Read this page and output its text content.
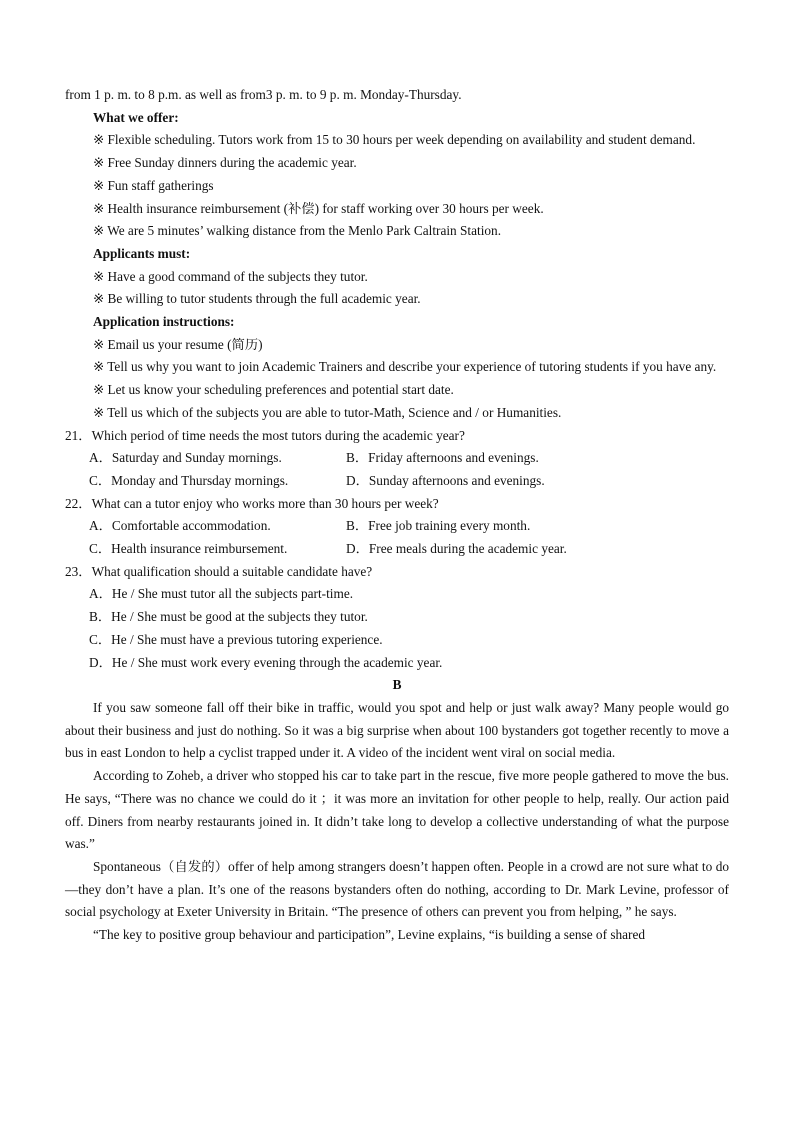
from 1 p. m. to 8 p.m. as well as from3 p. m. to 9 p. m. Monday-Thursday.
What we offer:
※ Flexible scheduling. Tutors work from 15 to 30 hours per week depending on availability and student demand.
※ Free Sunday dinners during the academic year.
※ Fun staff gatherings
※ Health insurance reimbursement (补偿) for staff working over 30 hours per week.
※ We are 5 minutes’ walking distance from the Menlo Park Caltrain Station.
Applicants must:
※ Have a good command of the subjects they tutor.
※ Be willing to tutor students through the full academic year.
Application instructions:
※ Email us your resume (简历)
※ Tell us why you want to join Academic Trainers and describe your experience of tutoring students if you have any.
※ Let us know your scheduling preferences and potential start date.
※ Tell us which of the subjects you are able to tutor-Math, Science and / or Humanities.
21．Which period of time needs the most tutors during the academic year?
A．Saturday and Sunday mornings.	B．Friday afternoons and evenings.
C．Monday and Thursday mornings.	D．Sunday afternoons and evenings.
22．What can a tutor enjoy who works more than 30 hours per week?
A．Comfortable accommodation.	B．Free job training every month.
C．Health insurance reimbursement.	D．Free meals during the academic year.
23．What qualification should a suitable candidate have?
A．He / She must tutor all the subjects part-time.
B．He / She must be good at the subjects they tutor.
C．He / She must have a previous tutoring experience.
D．He / She must work every evening through the academic year.
B
If you saw someone fall off their bike in traffic, would you spot and help or just walk away? Many people would go about their business and just do nothing. So it was a big surprise when about 100 bystanders got together recently to move a bus in east London to help a cyclist trapped under it. A video of the incident went viral on social media.
According to Zoheb, a driver who stopped his car to take part in the rescue, five more people gathered to move the bus. He says, “There was no chance we could do it ；it was more an invitation for other people to help, really. Our action paid off. Diners from nearby restaurants joined in. It didn’t take long to develop a collective understanding of what the purpose was.”
Spontaneous（自发的）offer of help among strangers doesn’t happen often. People in a crowd are not sure what to do—they don’t have a plan. It’s one of the reasons bystanders often do nothing, according to Dr. Mark Levine, professor of social psychology at Exeter University in Britain. “The presence of others can prevent you from helping, ” he says.
“The key to positive group behaviour and participation”, Levine explains, “is building a sense of shared
